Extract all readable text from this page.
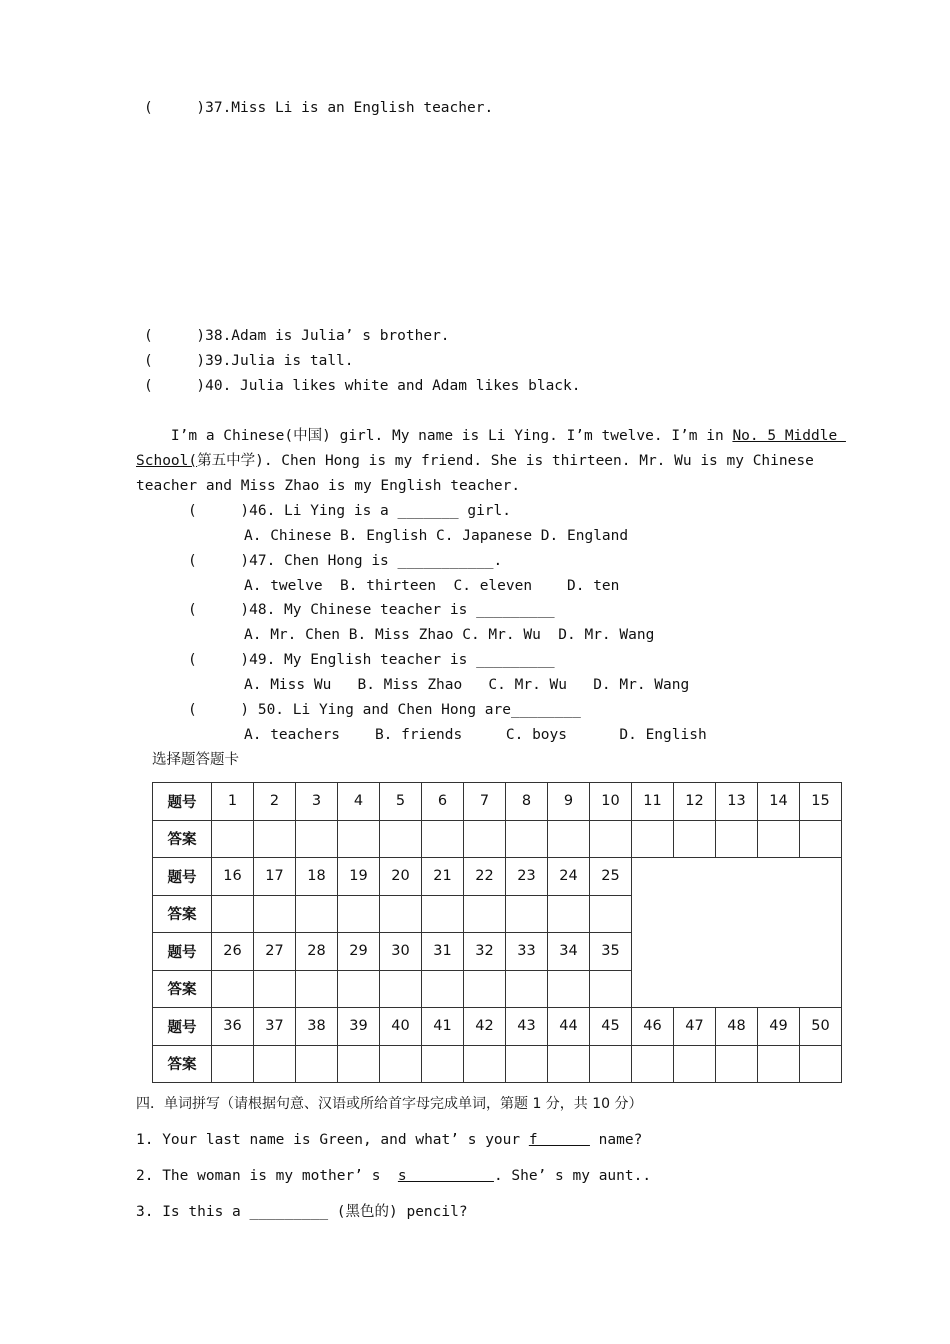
(     )37.Miss Li is an English teacher.
(     )38.Adam is Julia’ s brother.
(     )39.Julia is tall.
(     )40. Julia likes white and Adam likes black.
I’m a Chinese(中国) girl. My name is Li Ying. I’m twelve. I’m in No. 5 Middle
School(第五中学). Chen Hong is my friend. She is thirteen. Mr. Wu is my Chinese
teacher and Miss Zhao is my English teacher.
(     )46. Li Ying is a _______ girl.
A. Chinese B. English C. Japanese D. England
(     )47. Chen Hong is ___________.
A. twelve  B. thirteen  C. eleven    D. ten
(     )48. My Chinese teacher is _________
A. Mr. Chen B. Miss Zhao C. Mr. Wu  D. Mr. Wang
(     )49. My English teacher is _________
A. Miss Wu   B. Miss Zhao   C. Mr. Wu   D. Mr. Wang
(     ) 50. Li Ying and Chen Hong are________
A. teachers    B. friends     C. boys      D. English
选择题答题卡
题号	1	2	3	4	5	6	7	8	9	10	11	12	13	14	15
答案															
题号	16	17	18	19	20	21	22	23	24	25					
答案															
题号	26	27	28	29	30	31	32	33	34	35					
答案															
题号	36	37	38	39	40	41	42	43	44	45	46	47	48	49	50
答案															
四．单词拼写（请根据句意、汉语或所给首字母完成单词，第题 1 分，共 10 分）
1. Your last name is Green, and what’ s your f       name?
2. The woman is my mother’ s  s          . She’ s my aunt..
3. Is this a _________ (黑色的) pencil?
